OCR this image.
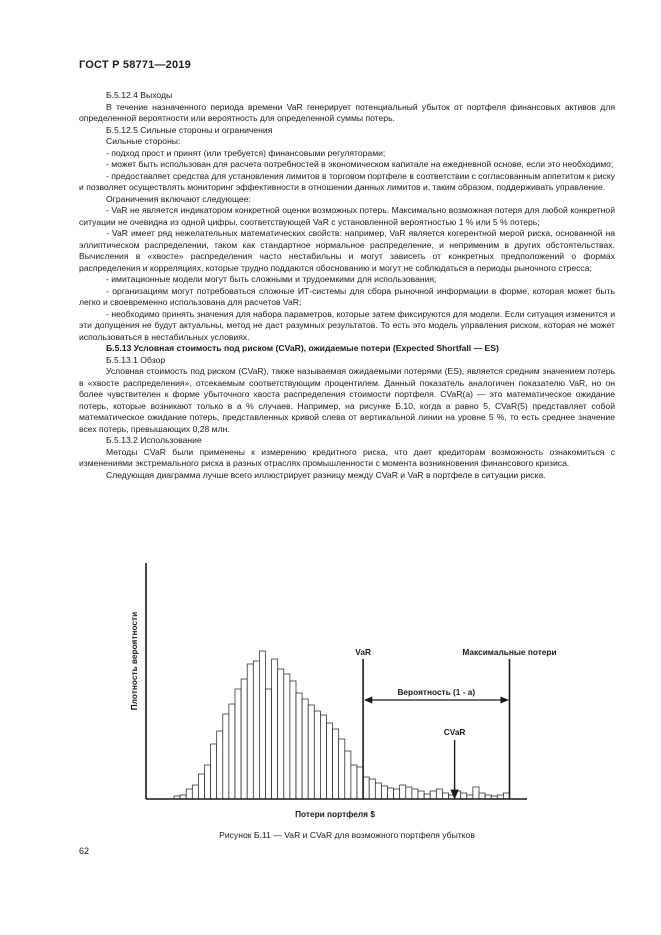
ГОСТ Р 58771—2019

Б.5.12.4 Выходы

В течение назначенного периода времени VaR генерирует потенциальный убыток от портфеля финансовых активов для определенной вероятности или вероятность для определенной суммы потерь.

Б.5.12.5 Сильные стороны и ограничения

Сильные стороны:

- подход прост и принят (или требуется) финансовыми регуляторами;

- может быть использован для расчета потребностей в экономическом капитале на ежедневной основе, если это необходимо;

- предоставляет средства для установления лимитов в торговом портфеле в соответствии с согласованным аппетитом к риску и позволяет осуществлять мониторинг эффективности в отношении данных лимитов и, таким образом, поддерживать управление.

Ограничения включают следующее:

- VaR не является индикатором конкретной оценки возможных потерь. Максимально возможная потеря для любой конкретной ситуации не очевидна из одной цифры, соответствующей VaR с установленной вероятностью 1 % или 5 % потерь;

- VaR имеет ряд нежелательных математических свойств: например, VaR является когерентной мерой риска, основанной на эллиптическом распределении, таком как стандартное нормальное распределение, и неприменим в других обстоятельствах. Вычисления в «хвосте» распределения часто нестабильны и могут зависеть от конкретных предположений о формах распределения и корреляциях, которые трудно поддаются обоснованию и могут не соблюдаться в периоды рыночного стресса;

- имитационные модели могут быть сложными и трудоемкими для использования;

- организациям могут потребоваться сложные ИТ-системы для сбора рыночной информации в форме, которая может быть легко и своевременно использована для расчетов VaR;

- необходимо принять значения для набора параметров, которые затем фиксируются для модели. Если ситуация изменится и эти допущения не будут актуальны, метод не даст разумных результатов. То есть это модель управления риском, которая не может использоваться в нестабильных условиях.

Б.5.13 Условная стоимость под риском (CVaR), ожидаемые потери (Expected Shortfall — ES)

Б.5.13.1 Обзор

Условная стоимость под риском (CVaR), также называемая ожидаемыми потерями (ES), является средним значением потерь в «хвосте распределения», отсекаемым соответствующим процентилем. Данный показатель аналогичен показателю VaR, но он более чувствителен к форме убыточного хвоста распределения стоимости портфеля. CVaR(a) — это математическое ожидание потерь, которые возникают только в a % случаев. Например, на рисунке Б.10, когда a равно 5, CVaR(5) представляет собой математическое ожидание потерь, представленных кривой слева от вертикальной линии на уровне 5 %, то есть среднее значение всех потерь, превышающих 0,28 млн.

Б.5.13.2 Использование

Методы CVaR были применены к измерению кредитного риска, что дает кредиторам возможность ознакомиться с изменениями экстремального риска в разных отраслях промышленности с момента возникновения финансового кризиса.

Следующая диаграмма лучше всего иллюстрирует разницу между CVaR и VaR в портфеле в ситуации риска.

VaR	Максимальные потери
Вероятность (1 - a)
CVaR
Плотность вероятности
Потери портфеля $
Рисунок Б.11 — VaR и CVaR для возможного портфеля убытков
62
